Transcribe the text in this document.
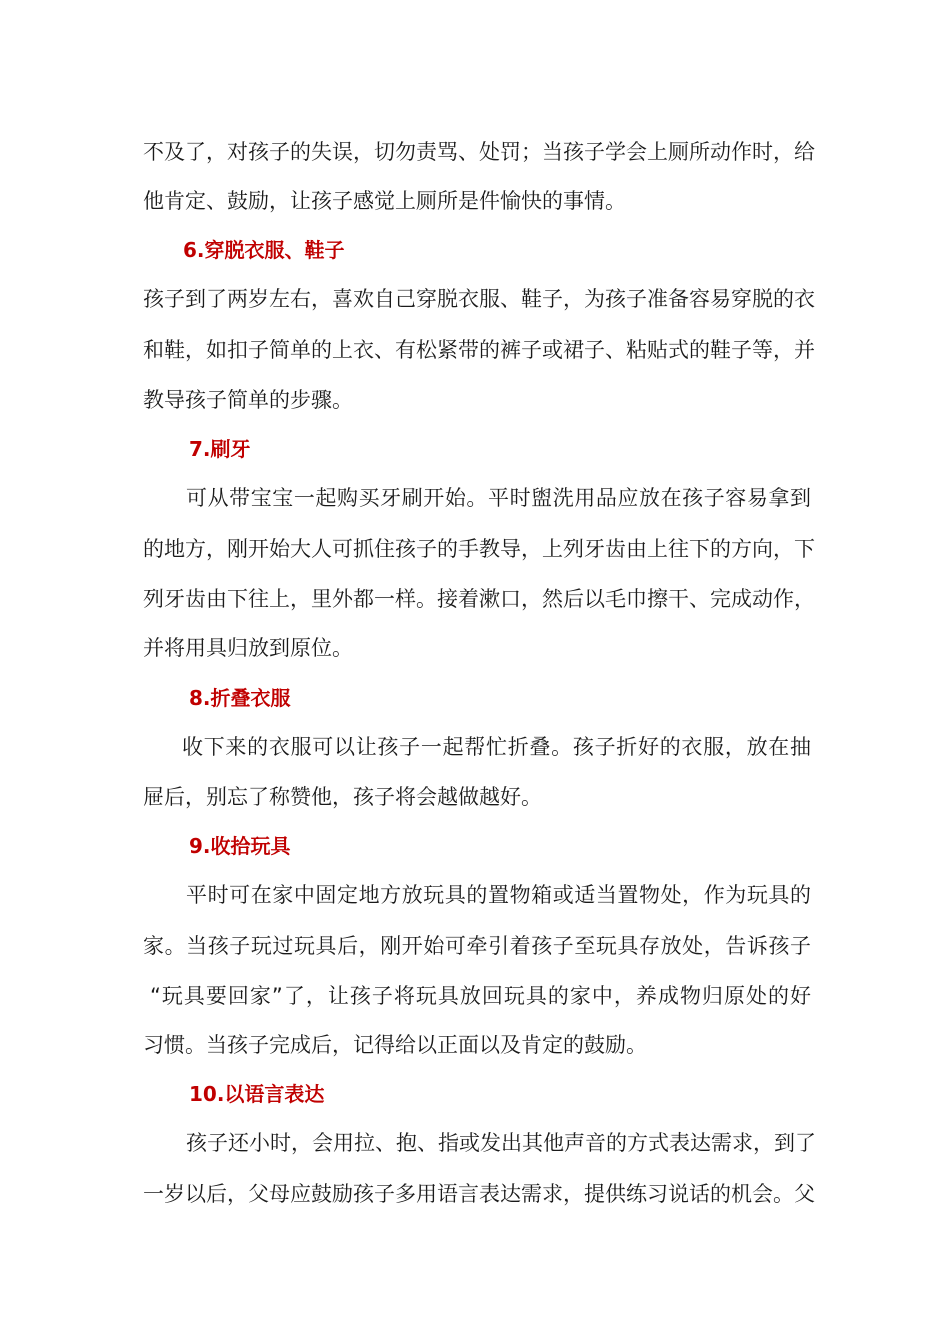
不及了，对孩子的失误，切勿责骂、处罚；当孩子学会上厕所动作时，给
他肯定、鼓励，让孩子感觉上厕所是件愉快的事情。
6.穿脱衣服、鞋子
孩子到了两岁左右，喜欢自己穿脱衣服、鞋子，为孩子准备容易穿脱的衣
和鞋，如扣子简单的上衣、有松紧带的裤子或裙子、粘贴式的鞋子等，并
教导孩子简单的步骤。
7.刷牙
可从带宝宝一起购买牙刷开始。平时盥洗用品应放在孩子容易拿到
的地方，刚开始大人可抓住孩子的手教导，上列牙齿由上往下的方向，下
列牙齿由下往上，里外都一样。接着漱口，然后以毛巾擦干、完成动作，
并将用具归放到原位。
8.折叠衣服
收下来的衣服可以让孩子一起帮忙折叠。孩子折好的衣服，放在抽
屉后，别忘了称赞他，孩子将会越做越好。
9.收拾玩具
平时可在家中固定地方放玩具的置物箱或适当置物处，作为玩具的
家。当孩子玩过玩具后，刚开始可牵引着孩子至玩具存放处，告诉孩子
“玩具要回家”了，让孩子将玩具放回玩具的家中，养成物归原处的好
习惯。当孩子完成后，记得给以正面以及肯定的鼓励。
10.以语言表达
孩子还小时，会用拉、抱、指或发出其他声音的方式表达需求，到了
一岁以后，父母应鼓励孩子多用语言表达需求，提供练习说话的机会。父
